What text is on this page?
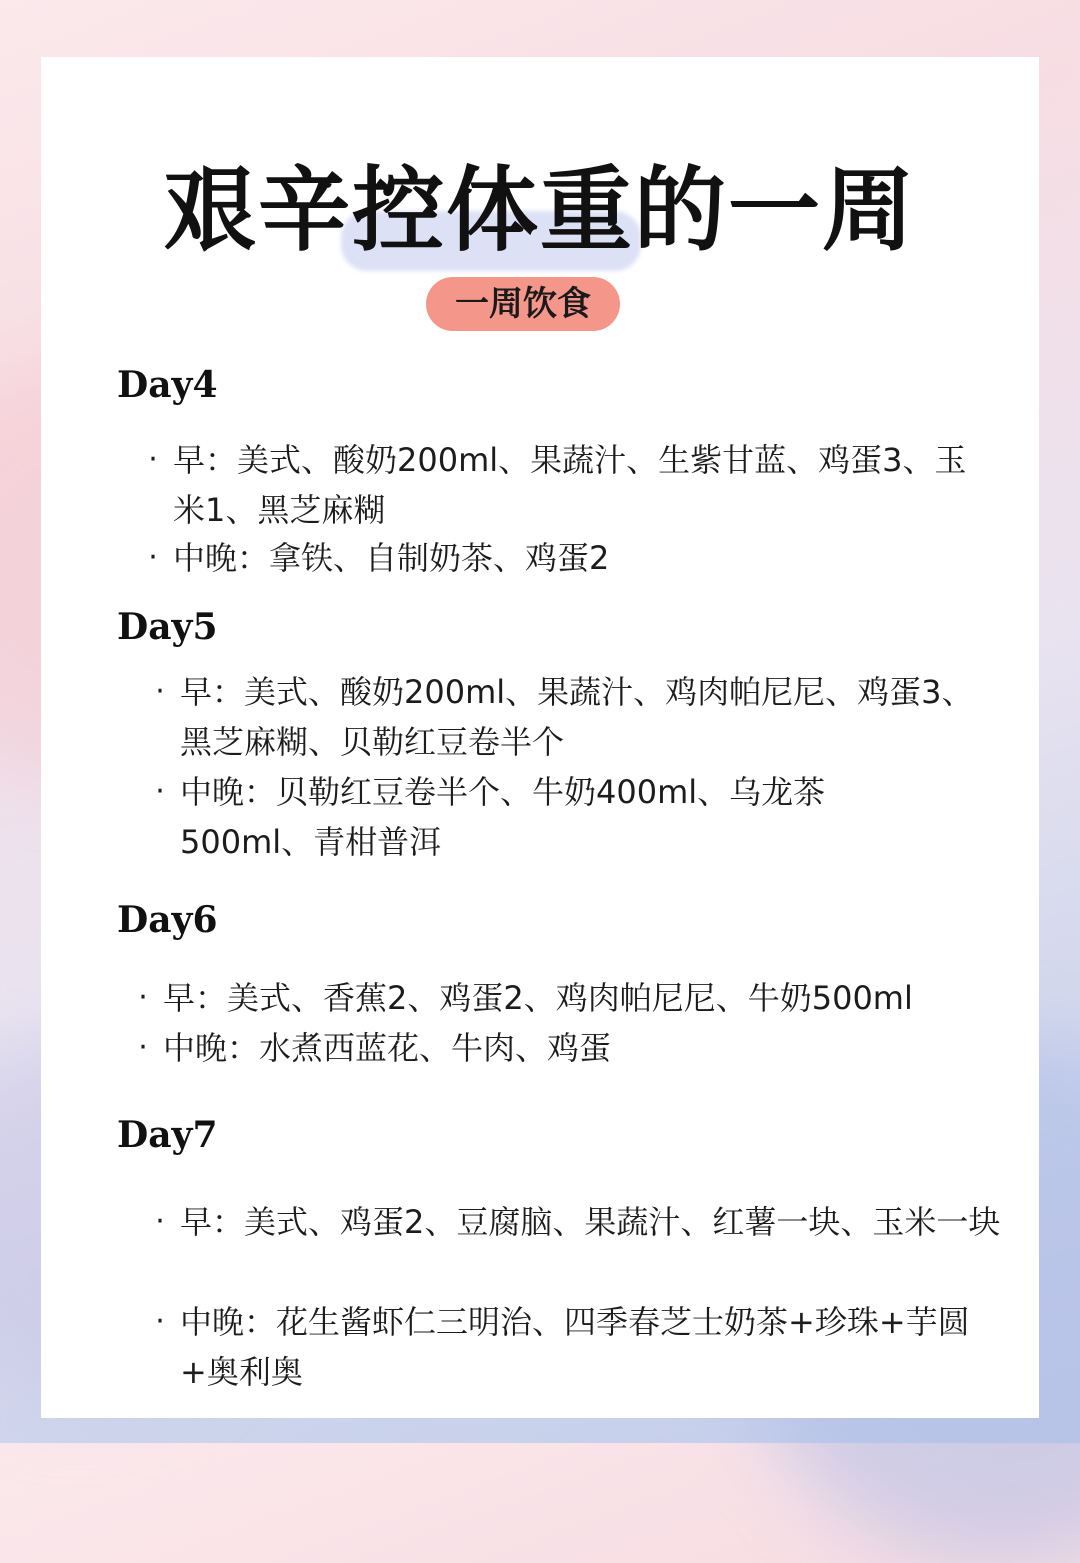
艰辛控体重的一周
一周饮食
Day4
· 早：美式、酸奶200ml、果蔬汁、生紫甘蓝、鸡蛋3、玉米1、黑芝麻糊
· 中晚：拿铁、自制奶茶、鸡蛋2
Day5
· 早：美式、酸奶200ml、果蔬汁、鸡肉帕尼尼、鸡蛋3、黑芝麻糊、贝勒红豆卷半个
· 中晚：贝勒红豆卷半个、牛奶400ml、乌龙茶500ml、青柑普洱
Day6
· 早：美式、香蕉2、鸡蛋2、鸡肉帕尼尼、牛奶500ml
· 中晚：水煮西蓝花、牛肉、鸡蛋
Day7
· 早：美式、鸡蛋2、豆腐脑、果蔬汁、红薯一块、玉米一块
· 中晚：花生酱虾仁三明治、四季春芝士奶茶+珍珠+芋圆+奥利奥
